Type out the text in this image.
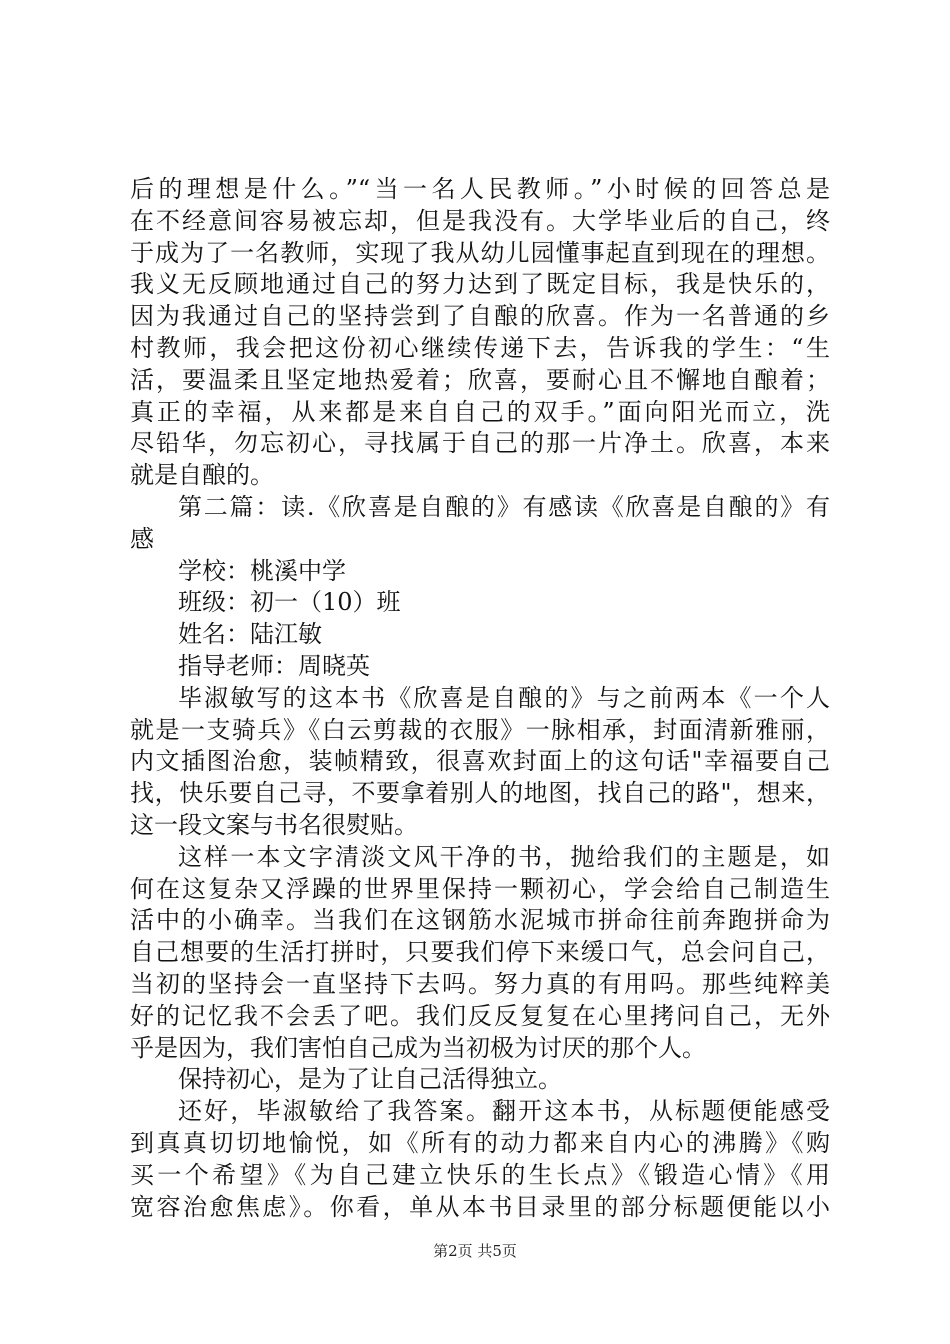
后的理想是什么。”“当一名人民教师。”小时候的回答总是
在不经意间容易被忘却，但是我没有。大学毕业后的自己，终
于成为了一名教师，实现了我从幼儿园懂事起直到现在的理想。
我义无反顾地通过自己的努力达到了既定目标，我是快乐的，
因为我通过自己的坚持尝到了自酿的欣喜。作为一名普通的乡
村教师，我会把这份初心继续传递下去，告诉我的学生：“生
活，要温柔且坚定地热爱着；欣喜，要耐心且不懈地自酿着；
真正的幸福，从来都是来自自己的双手。”面向阳光而立，洗
尽铅华，勿忘初心，寻找属于自己的那一片净土。欣喜，本来
就是自酿的。
第二篇：读.《欣喜是自酿的》有感读《欣喜是自酿的》有
感
学校：桃溪中学
班级：初一（10）班
姓名：陆江敏
指导老师：周晓英
毕淑敏写的这本书《欣喜是自酿的》与之前两本《一个人
就是一支骑兵》《白云剪裁的衣服》一脉相承，封面清新雅丽，
内文插图治愈，装帧精致，很喜欢封面上的这句话"幸福要自己
找，快乐要自己寻，不要拿着别人的地图，找自己的路"，想来，
这一段文案与书名很熨贴。
这样一本文字清淡文风干净的书，抛给我们的主题是，如
何在这复杂又浮躁的世界里保持一颗初心，学会给自己制造生
活中的小确幸。当我们在这钢筋水泥城市拼命往前奔跑拼命为
自己想要的生活打拼时，只要我们停下来缓口气，总会问自己，
当初的坚持会一直坚持下去吗。努力真的有用吗。那些纯粹美
好的记忆我不会丢了吧。我们反反复复在心里拷问自己，无外
乎是因为，我们害怕自己成为当初极为讨厌的那个人。
保持初心，是为了让自己活得独立。
还好，毕淑敏给了我答案。翻开这本书，从标题便能感受
到真真切切地愉悦，如《所有的动力都来自内心的沸腾》《购
买一个希望》《为自己建立快乐的生长点》《锻造心情》《用
宽容治愈焦虑》。你看，单从本书目录里的部分标题便能以小
第2页 共5页
